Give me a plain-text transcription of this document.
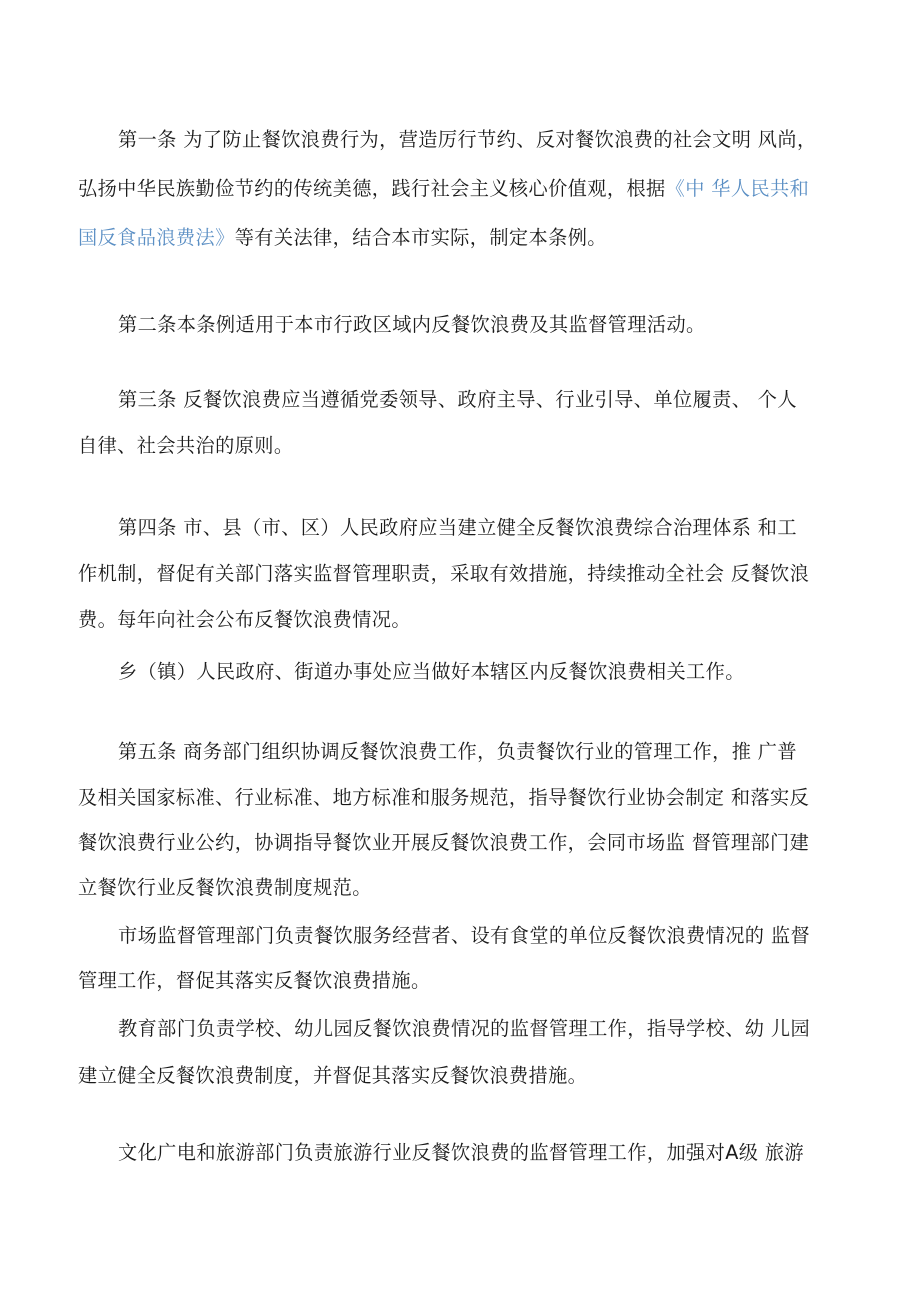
第一条 为了防止餐饮浪费行为，营造厉行节约、反对餐饮浪费的社会文明 风尚，
弘扬中华民族勤俭节约的传统美德，践行社会主义核心价值观，根据《中 华人民共和
国反食品浪费法》等有关法律，结合本市实际，制定本条例。
第二条本条例适用于本市行政区域内反餐饮浪费及其监督管理活动。
第三条 反餐饮浪费应当遵循党委领导、政府主导、行业引导、单位履责、 个人
自律、社会共治的原则。
第四条 市、县（市、区）人民政府应当建立健全反餐饮浪费综合治理体系 和工
作机制，督促有关部门落实监督管理职责，采取有效措施，持续推动全社会 反餐饮浪
费。每年向社会公布反餐饮浪费情况。
乡（镇）人民政府、街道办事处应当做好本辖区内反餐饮浪费相关工作。
第五条 商务部门组织协调反餐饮浪费工作，负责餐饮行业的管理工作，推 广普
及相关国家标准、行业标准、地方标准和服务规范，指导餐饮行业协会制定 和落实反
餐饮浪费行业公约，协调指导餐饮业开展反餐饮浪费工作，会同市场监 督管理部门建
立餐饮行业反餐饮浪费制度规范。
市场监督管理部门负责餐饮服务经营者、设有食堂的单位反餐饮浪费情况的 监督
管理工作，督促其落实反餐饮浪费措施。
教育部门负责学校、幼儿园反餐饮浪费情况的监督管理工作，指导学校、幼 儿园
建立健全反餐饮浪费制度，并督促其落实反餐饮浪费措施。
文化广电和旅游部门负责旅游行业反餐饮浪费的监督管理工作，加强对A级 旅游
